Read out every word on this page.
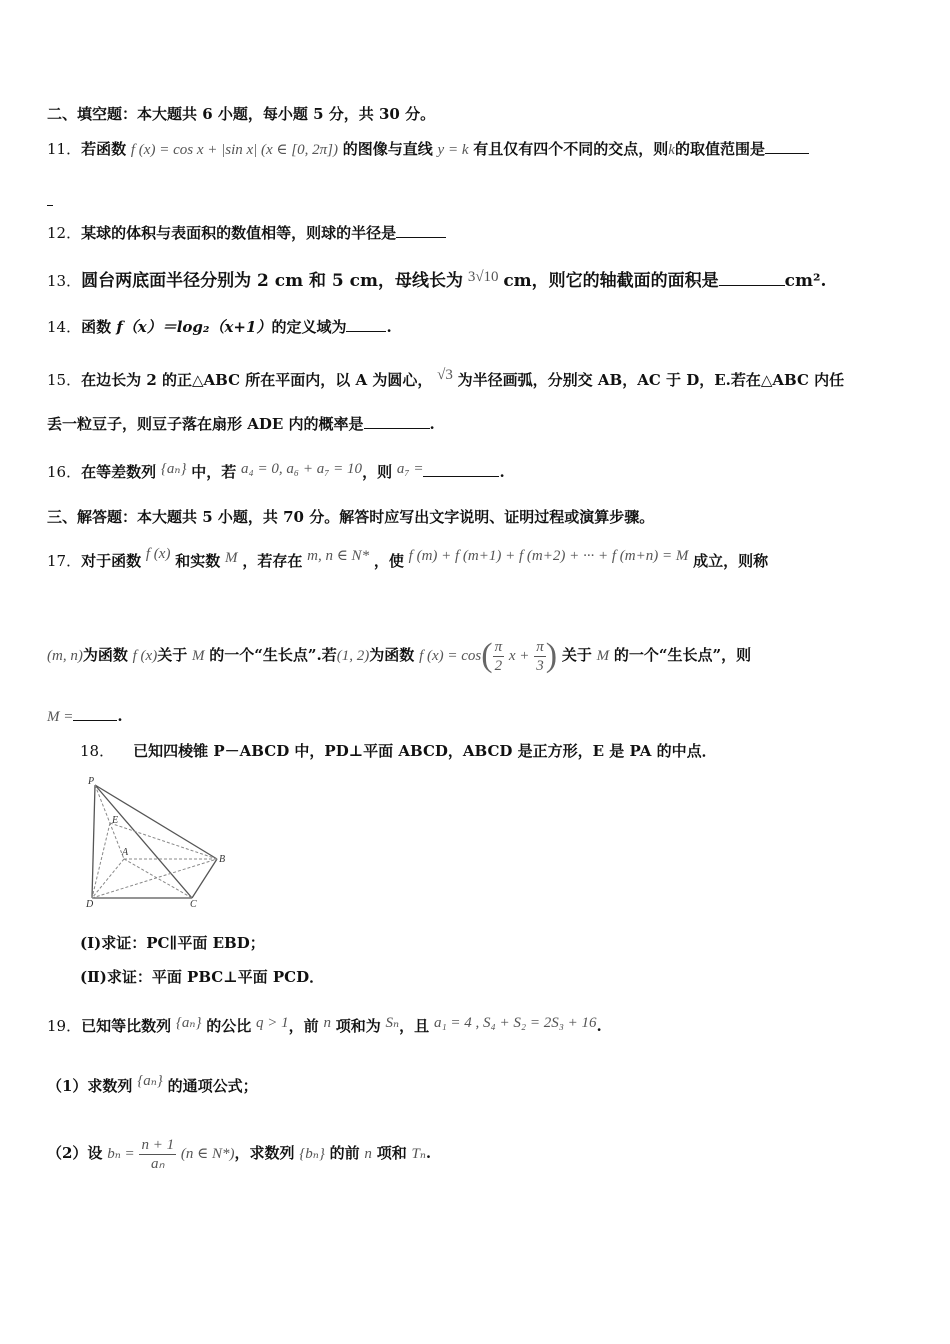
二、填空题：本大题共 6 小题，每小题 5 分，共 30 分。
11．若函数 f (x) = cos x + |sin x| (x ∈ [0, 2π]) 的图像与直线 y = k 有且仅有四个不同的交点，则k的取值范围是
12．某球的体积与表面积的数值相等，则球的半径是
13．圆台两底面半径分别为 2 cm 和 5 cm，母线长为 3√10 cm，则它的轴截面的面积是	cm².
14．函数 f（x）＝log₂（x+1）的定义域为	.
15．在边长为 2 的正△ABC 所在平面内，以 A 为圆心， √3 为半径画弧，分别交 AB，AC 于 D，E.若在△ABC 内任
丢一粒豆子，则豆子落在扇形 ADE 内的概率是	.
16．在等差数列 {aₙ} 中，若 a₄ = 0, a₆ + a₇ = 10，则 a₇ =	.
三、解答题：本大题共 5 小题，共 70 分。解答时应写出文字说明、证明过程或演算步骤。
17．对于函数 f (x) 和实数 M ，若存在 m, n ∈ N* ，使 f (m) + f (m+1) + f (m+2) + ··· + f (m+n) = M 成立，则称
(m, n)为函数 f (x)关于 M 的一个“生长点”.若(1, 2)为函数 f $(x) = \cos( \frac{\pi}{2}$ $x + \frac{\pi}{3}$ ) 关于 M 的一个“生长点”，则
M =	.
18． 已知四棱锥 P－ABCD 中，PD⊥平面 ABCD，ABCD 是正方形，E 是 PA 的中点．
P
E
A
B
C
D
(Ⅰ)求证：PC∥平面 EBD；
(Ⅱ)求证：平面 PBC⊥平面 PCD．
19．已知等比数列 {aₙ} 的公比 q > 1，前 n 项和为 Sₙ，且 a₁ = 4 , S₄ + S₂ = 2S₃ + 16.
（1）求数列 {aₙ} 的通项公式；
（2）设 $b_n = \frac{n + 1}{\text{aₙ}} (n$ ∈ N*)，求数列 {bₙ} 的前 n 项和 Tₙ.
